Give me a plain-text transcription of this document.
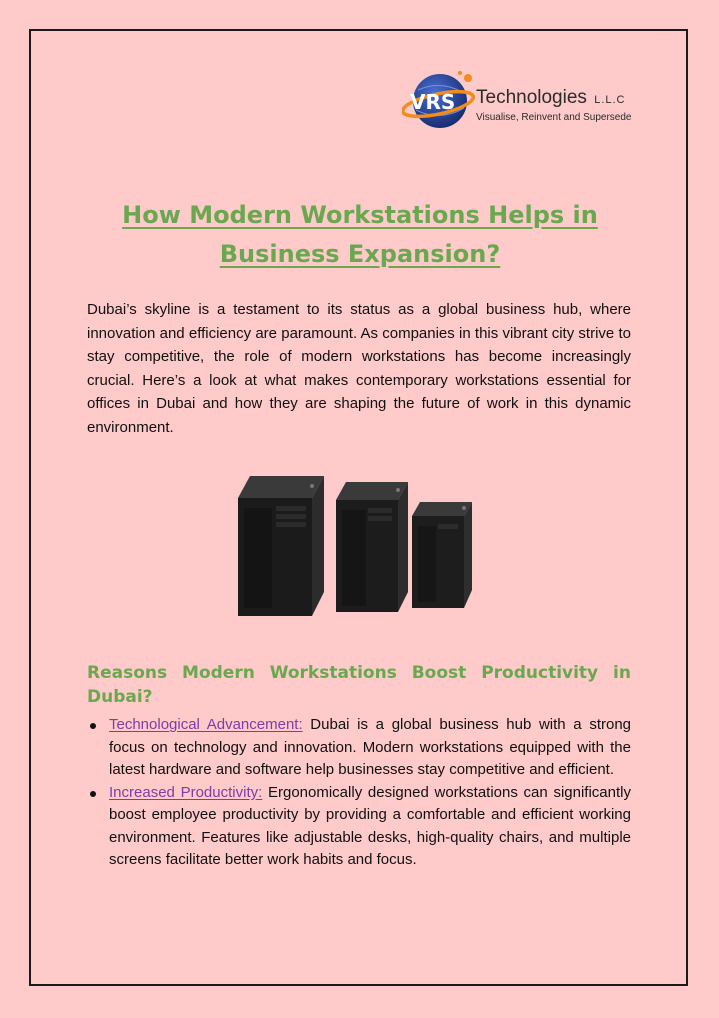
VRS Technologies L.L.C
Visualise, Reinvent and Supersede
How Modern Workstations Helps in Business Expansion?

Dubai’s skyline is a testament to its status as a global business hub, where innovation and efficiency are paramount. As companies in this vibrant city strive to stay competitive, the role of modern workstations has become increasingly crucial. Here’s a look at what makes contemporary workstations essential for offices in Dubai and how they are shaping the future of work in this dynamic environment.

Reasons Modern Workstations Boost Productivity in
Dubai?
Technological Advancement: Dubai is a global business hub with a strong focus on technology and innovation. Modern workstations equipped with the latest hardware and software help businesses stay competitive and efficient.
Increased Productivity: Ergonomically designed workstations can significantly boost employee productivity by providing a comfortable and efficient working environment. Features like adjustable desks, high-quality chairs, and multiple screens facilitate better work habits and focus.
